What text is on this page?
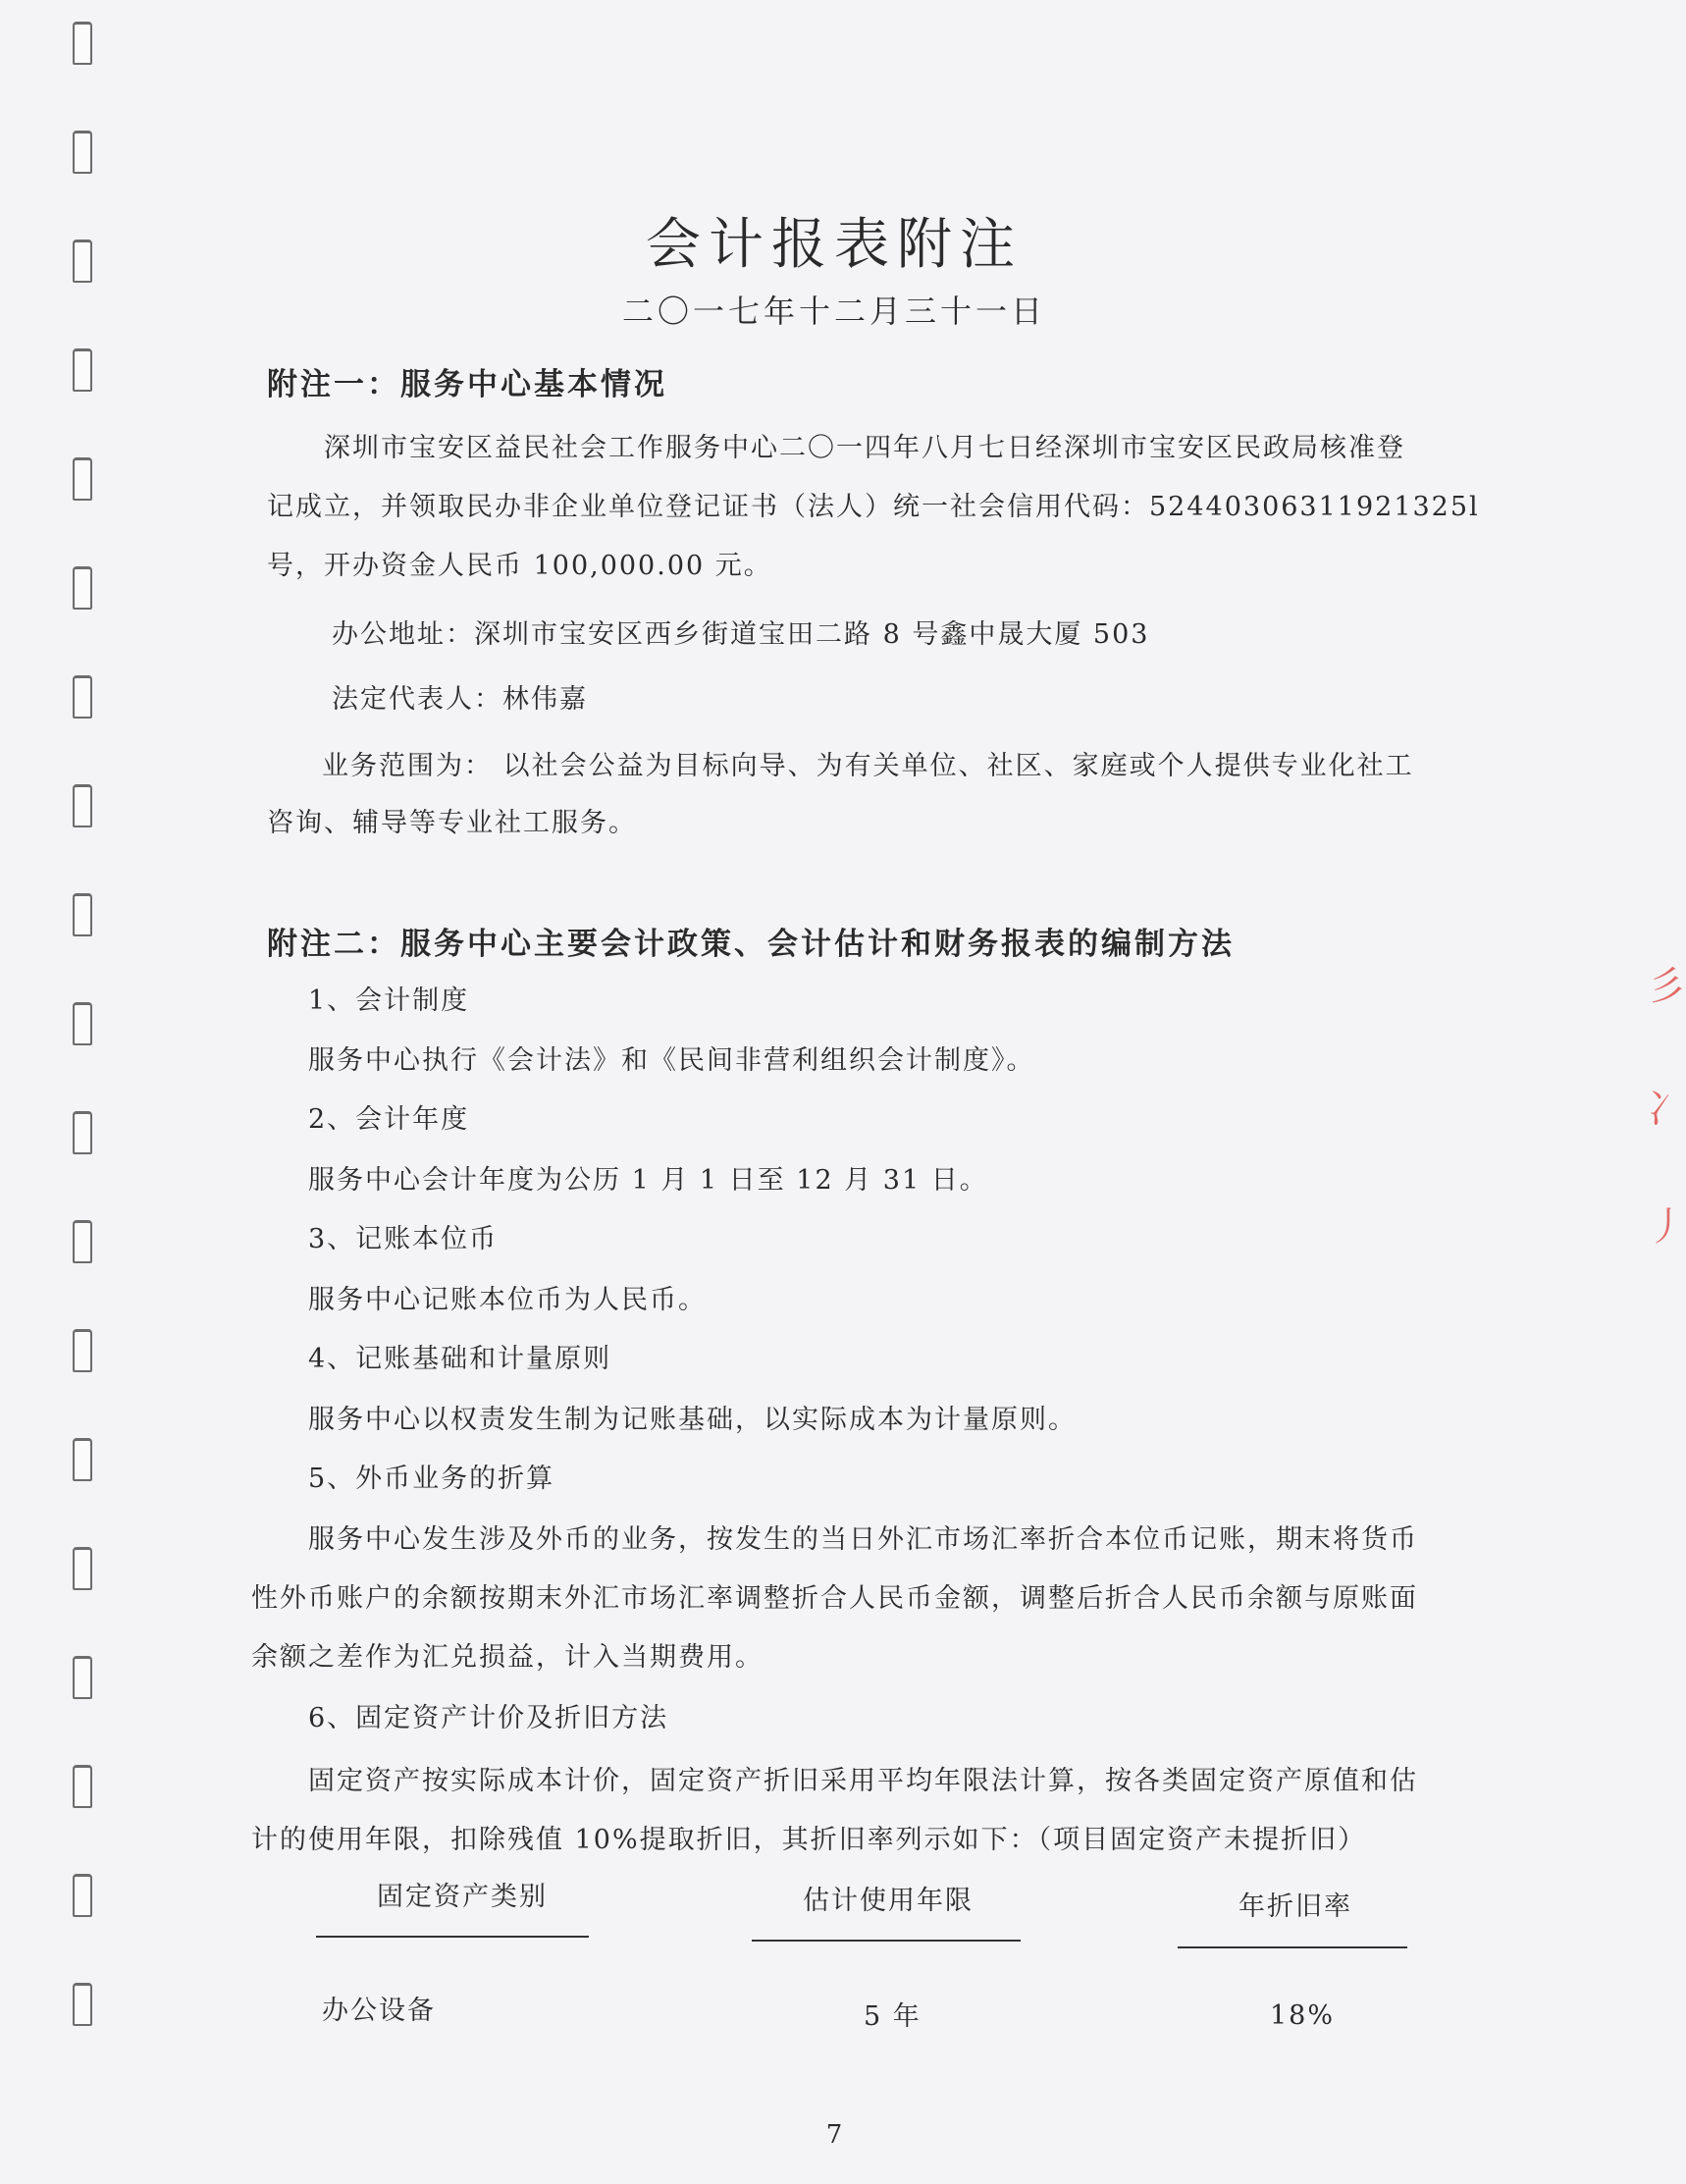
彡
冫
丿
会计报表附注
二〇一七年十二月三十一日
附注一：服务中心基本情况
深圳市宝安区益民社会工作服务中心二〇一四年八月七日经深圳市宝安区民政局核准登
记成立，并领取民办非企业单位登记证书（法人）统一社会信用代码：52440306311921325l
号，开办资金人民币 100,000.00 元。
办公地址：深圳市宝安区西乡街道宝田二路 8 号鑫中晟大厦 503
法定代表人：林伟嘉
业务范围为： 以社会公益为目标向导、为有关单位、社区、家庭或个人提供专业化社工
咨询、辅导等专业社工服务。
附注二：服务中心主要会计政策、会计估计和财务报表的编制方法
1、会计制度
服务中心执行《会计法》和《民间非营利组织会计制度》。
2、会计年度
服务中心会计年度为公历 1 月 1 日至 12 月 31 日。
3、记账本位币
服务中心记账本位币为人民币。
4、记账基础和计量原则
服务中心以权责发生制为记账基础，以实际成本为计量原则。
5、外币业务的折算
服务中心发生涉及外币的业务，按发生的当日外汇市场汇率折合本位币记账，期末将货币
性外币账户的余额按期末外汇市场汇率调整折合人民币金额，调整后折合人民币余额与原账面
余额之差作为汇兑损益，计入当期费用。
6、固定资产计价及折旧方法
固定资产按实际成本计价，固定资产折旧采用平均年限法计算，按各类固定资产原值和估
计的使用年限，扣除残值 10%提取折旧，其折旧率列示如下：（项目固定资产未提折旧）
固定资产类别	估计使用年限	年折旧率
办公设备	5 年	18%
7
